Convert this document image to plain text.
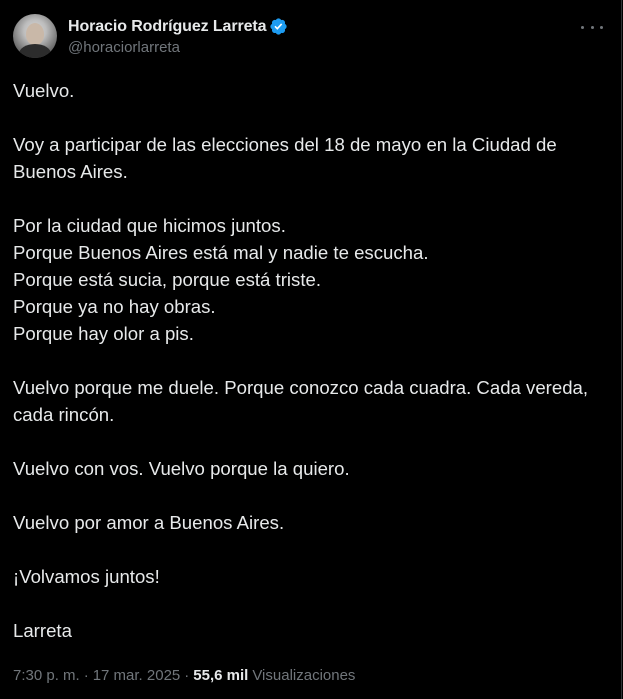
Horacio Rodríguez Larreta
@horaciorlarreta

Vuelvo.

Voy a participar de las elecciones del 18 de mayo en la Ciudad de Buenos Aires.

Por la ciudad que hicimos juntos.

Porque Buenos Aires está mal y nadie te escucha.

Porque está sucia, porque está triste.

Porque ya no hay obras.

Porque hay olor a pis.

Vuelvo porque me duele. Porque conozco cada cuadra. Cada vereda, cada rincón.

Vuelvo con vos. Vuelvo porque la quiero.

Vuelvo por amor a Buenos Aires.

¡Volvamos juntos!

Larreta

7:30 p. m. · 17 mar. 2025 · 55,6 mil Visualizaciones
